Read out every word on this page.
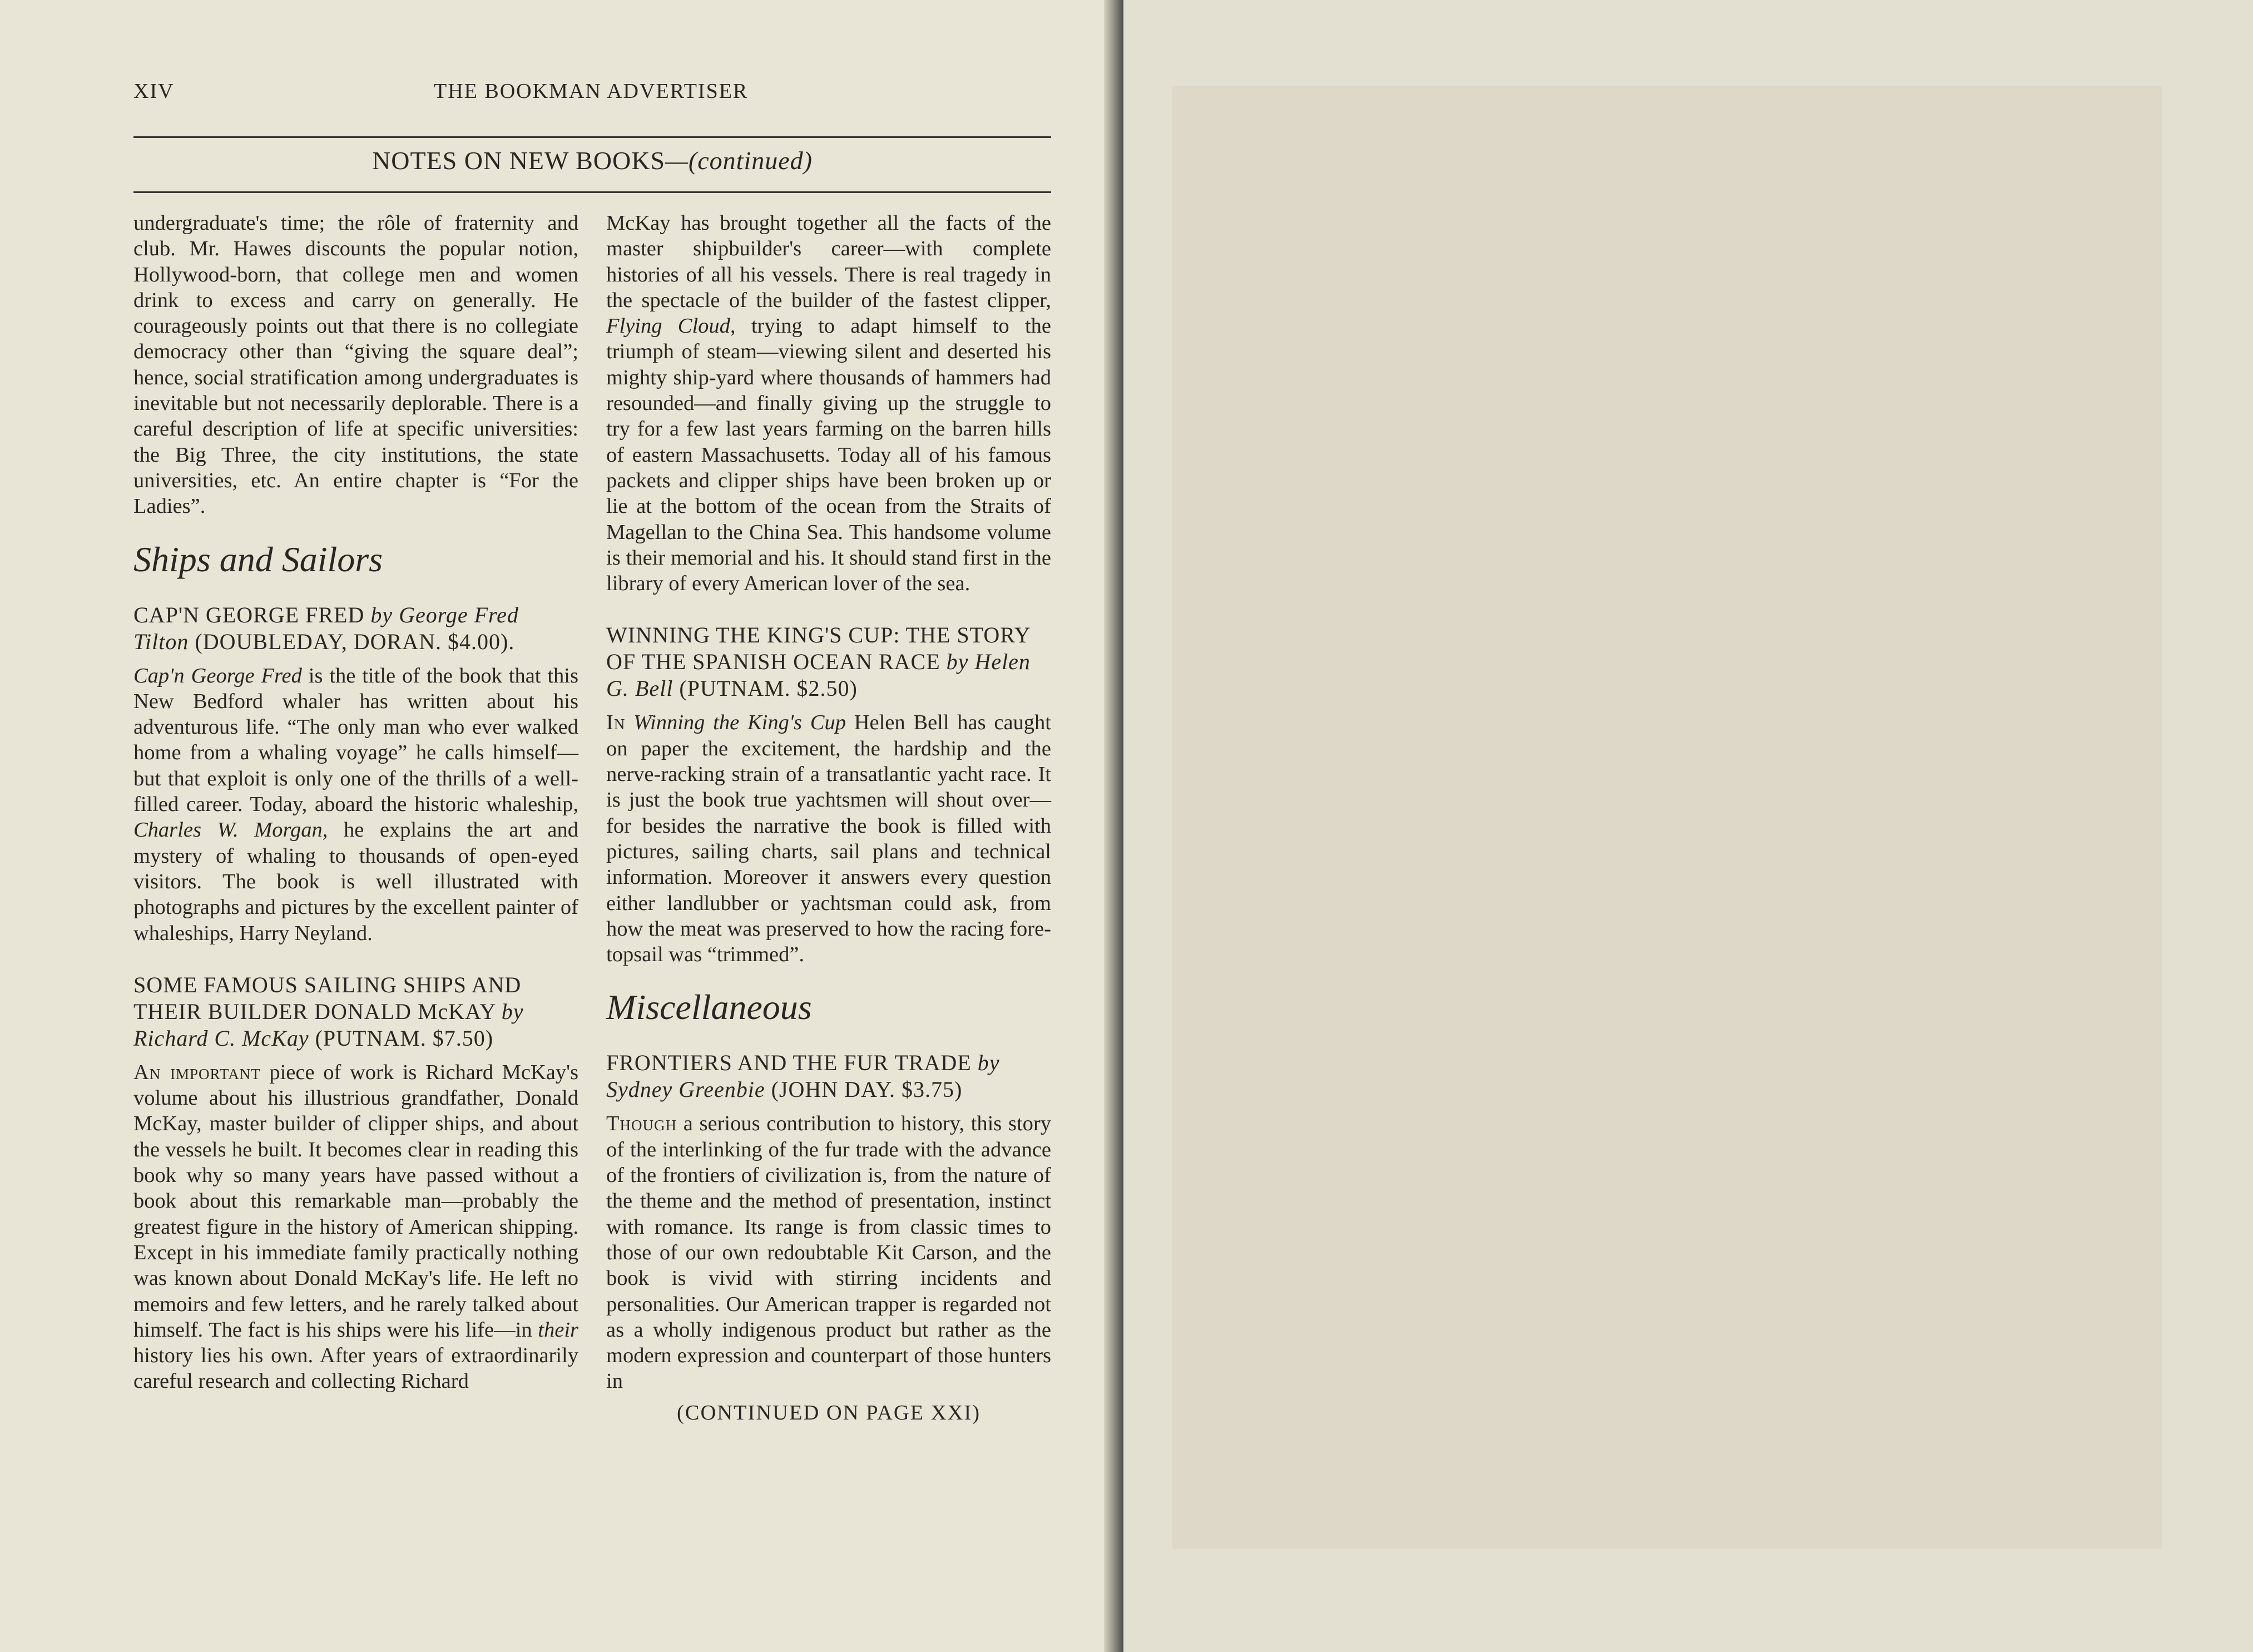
XIV	THE BOOKMAN ADVERTISER
NOTES ON NEW BOOKS—(continued)

undergraduate's time; the rôle of fraternity and club. Mr. Hawes discounts the popular notion, Hollywood-born, that college men and women drink to excess and carry on generally. He courageously points out that there is no collegiate democracy other than “giving the square deal”; hence, social stratification among undergraduates is inevitable but not necessarily deplorable. There is a careful description of life at specific universities: the Big Three, the city institutions, the state universities, etc. An entire chapter is “For the Ladies”.

Ships and Sailors
CAP'N GEORGE FRED by George Fred Tilton (DOUBLEDAY, DORAN. $4.00).

Cap'n George Fred is the title of the book that this New Bedford whaler has written about his adventurous life. “The only man who ever walked home from a whaling voyage” he calls himself—but that exploit is only one of the thrills of a well-filled career. Today, aboard the historic whaleship, Charles W. Morgan, he explains the art and mystery of whaling to thousands of open-eyed visitors. The book is well illustrated with photographs and pictures by the excellent painter of whaleships, Harry Neyland.

SOME FAMOUS SAILING SHIPS AND THEIR BUILDER DONALD McKAY by Richard C. McKay (PUTNAM. $7.50)

An important piece of work is Richard McKay's volume about his illustrious grandfather, Donald McKay, master builder of clipper ships, and about the vessels he built. It becomes clear in reading this book why so many years have passed without a book about this remarkable man—probably the greatest figure in the history of American shipping. Except in his immediate family practically nothing was known about Donald McKay's life. He left no memoirs and few letters, and he rarely talked about himself. The fact is his ships were his life—in their history lies his own. After years of extraordinarily careful research and collecting Richard

McKay has brought together all the facts of the master shipbuilder's career—with complete histories of all his vessels. There is real tragedy in the spectacle of the builder of the fastest clipper, Flying Cloud, trying to adapt himself to the triumph of steam—viewing silent and deserted his mighty ship-yard where thousands of hammers had resounded—and finally giving up the struggle to try for a few last years farming on the barren hills of eastern Massachusetts. Today all of his famous packets and clipper ships have been broken up or lie at the bottom of the ocean from the Straits of Magellan to the China Sea. This handsome volume is their memorial and his. It should stand first in the library of every American lover of the sea.

WINNING THE KING'S CUP: THE STORY OF THE SPANISH OCEAN RACE by Helen G. Bell (PUTNAM. $2.50)

In Winning the King's Cup Helen Bell has caught on paper the excitement, the hardship and the nerve-racking strain of a transatlantic yacht race. It is just the book true yachtsmen will shout over—for besides the narrative the book is filled with pictures, sailing charts, sail plans and technical information. Moreover it answers every question either landlubber or yachtsman could ask, from how the meat was preserved to how the racing fore-topsail was “trimmed”.

Miscellaneous
FRONTIERS AND THE FUR TRADE by Sydney Greenbie (JOHN DAY. $3.75)

Though a serious contribution to history, this story of the interlinking of the fur trade with the advance of the frontiers of civilization is, from the nature of the theme and the method of presentation, instinct with romance. Its range is from classic times to those of our own redoubtable Kit Carson, and the book is vivid with stirring incidents and personalities. Our American trapper is regarded not as a wholly indigenous product but rather as the modern expression and counterpart of those hunters in

(CONTINUED ON PAGE XXI)
